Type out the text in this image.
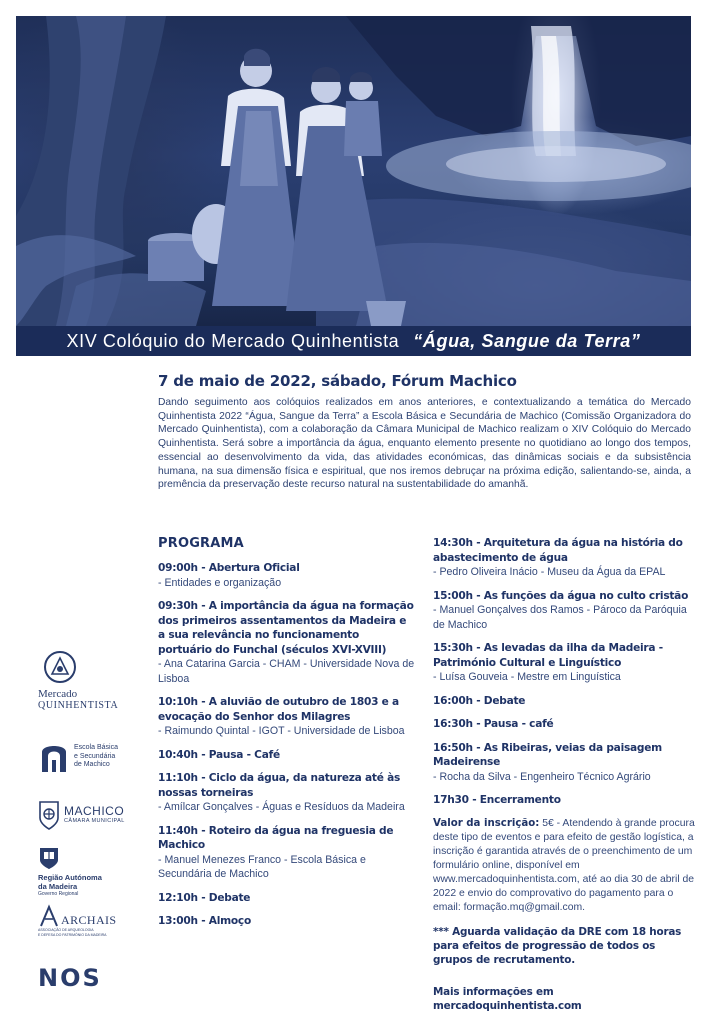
XIV Colóquio do Mercado Quinhentista “Água, Sangue da Terra”
7 de maio de 2022, sábado, Fórum Machico
Dando seguimento aos colóquios realizados em anos anteriores, e contextualizando a temática do Mercado Quinhentista 2022 “Água, Sangue da Terra” a Escola Básica e Secundária de Machico (Comissão Organizadora do Mercado Quinhentista), com a colaboração da Câmara Municipal de Machico realizam o XIV Colóquio do Mercado Quinhentista. Será sobre a importância da água, enquanto elemento presente no quotidiano ao longo dos tempos, essencial ao desenvolvimento da vida, das atividades económicas, das dinâmicas sociais e da subsistência humana, na sua dimensão física e espiritual, que nos iremos debruçar na próxima edição, salientando-se, ainda, a premência da preservação deste recurso natural na sustentabilidade do amanhã.
PROGRAMA
09:00h - Abertura Oficial
- Entidades e organização
09:30h - A importância da água na formação dos primeiros assentamentos da Madeira e a sua relevância no funcionamento portuário do Funchal (séculos XVI-XVIII)
- Ana Catarina Garcia - CHAM - Universidade Nova de Lisboa
10:10h - A aluvião de outubro de 1803 e a evocação do Senhor dos Milagres
- Raimundo Quintal - IGOT - Universidade de Lisboa
10:40h - Pausa - Café
11:10h - Ciclo da água, da natureza até às nossas torneiras
- Amílcar Gonçalves - Águas e Resíduos da Madeira
11:40h - Roteiro da água na freguesia de Machico
- Manuel Menezes Franco - Escola Básica e Secundária de Machico
12:10h - Debate
13:00h - Almoço
14:30h - Arquitetura da água na história do abastecimento de água
- Pedro Oliveira Inácio - Museu da Água da EPAL
15:00h - As funções da água no culto cristão
- Manuel Gonçalves dos Ramos - Pároco da Paróquia de Machico
15:30h - As levadas da ilha da Madeira - Património Cultural e Linguístico
- Luísa Gouveia - Mestre em Linguística
16:00h - Debate
16:30h - Pausa - café
16:50h - As Ribeiras, veias da paisagem Madeirense
- Rocha da Silva - Engenheiro Técnico Agrário
17h30 - Encerramento
Valor da inscrição: 5€ - Atendendo à grande procura deste tipo de eventos e para efeito de gestão logística, a inscrição é garantida através de o preenchimento de um formulário online, disponível em www.mercadoquinhentista.com, até ao dia 30 de abril de 2022 e envio do comprovativo do pagamento para o email: formação.mq@gmail.com.
*** Aguarda validação da DRE com 18 horas para efeitos de progressão de todos os grupos de recrutamento.
Mais informações em mercadoquinhentista.com
Mercado
QUINHENTISTA
Escola Básica
e Secundária
de Machico
MACHICO
CÂMARA MUNICIPAL
Região Autónoma
da Madeira
Governo Regional
ARCHAIS
ASSOCIAÇÃO DE ARQUEOLOGIA
E DEFESA DO PATRIMÓNIO DA MADEIRA
NOS
